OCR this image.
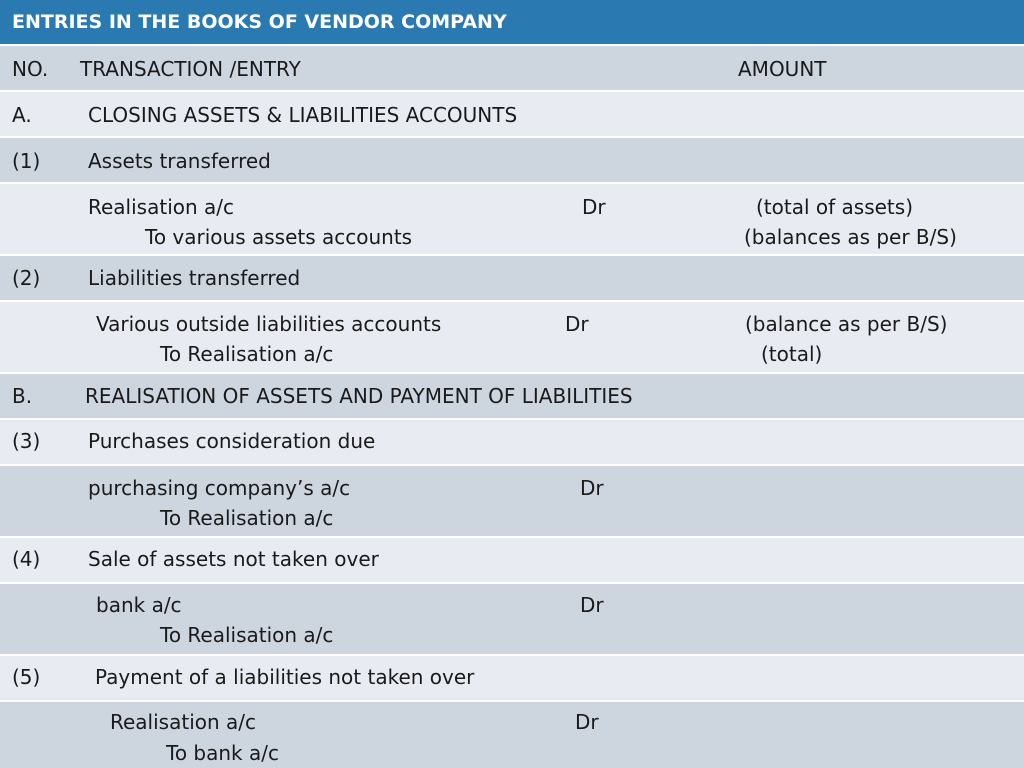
ENTRIES IN THE BOOKS OF VENDOR COMPANY
NO. TRANSACTION /ENTRY	AMOUNT
A.	CLOSING ASSETS & LIABILITIES ACCOUNTS
(1) Assets transferred
Realisation a/c	Dr	(total of assets)
To various assets accounts	(balances as per B/S)
(2) Liabilities transferred
Various outside liabilities accounts	Dr	(balance as per B/S)
To Realisation a/c	(total)
B.	REALISATION OF ASSETS AND PAYMENT OF LIABILITIES
(3) Purchases consideration due
purchasing company’s a/c	Dr
To Realisation a/c
(4) Sale of assets not taken over
bank a/c	Dr
To Realisation a/c
(5)	Payment of a liabilities not taken over
Realisation a/c	Dr
To bank a/c
